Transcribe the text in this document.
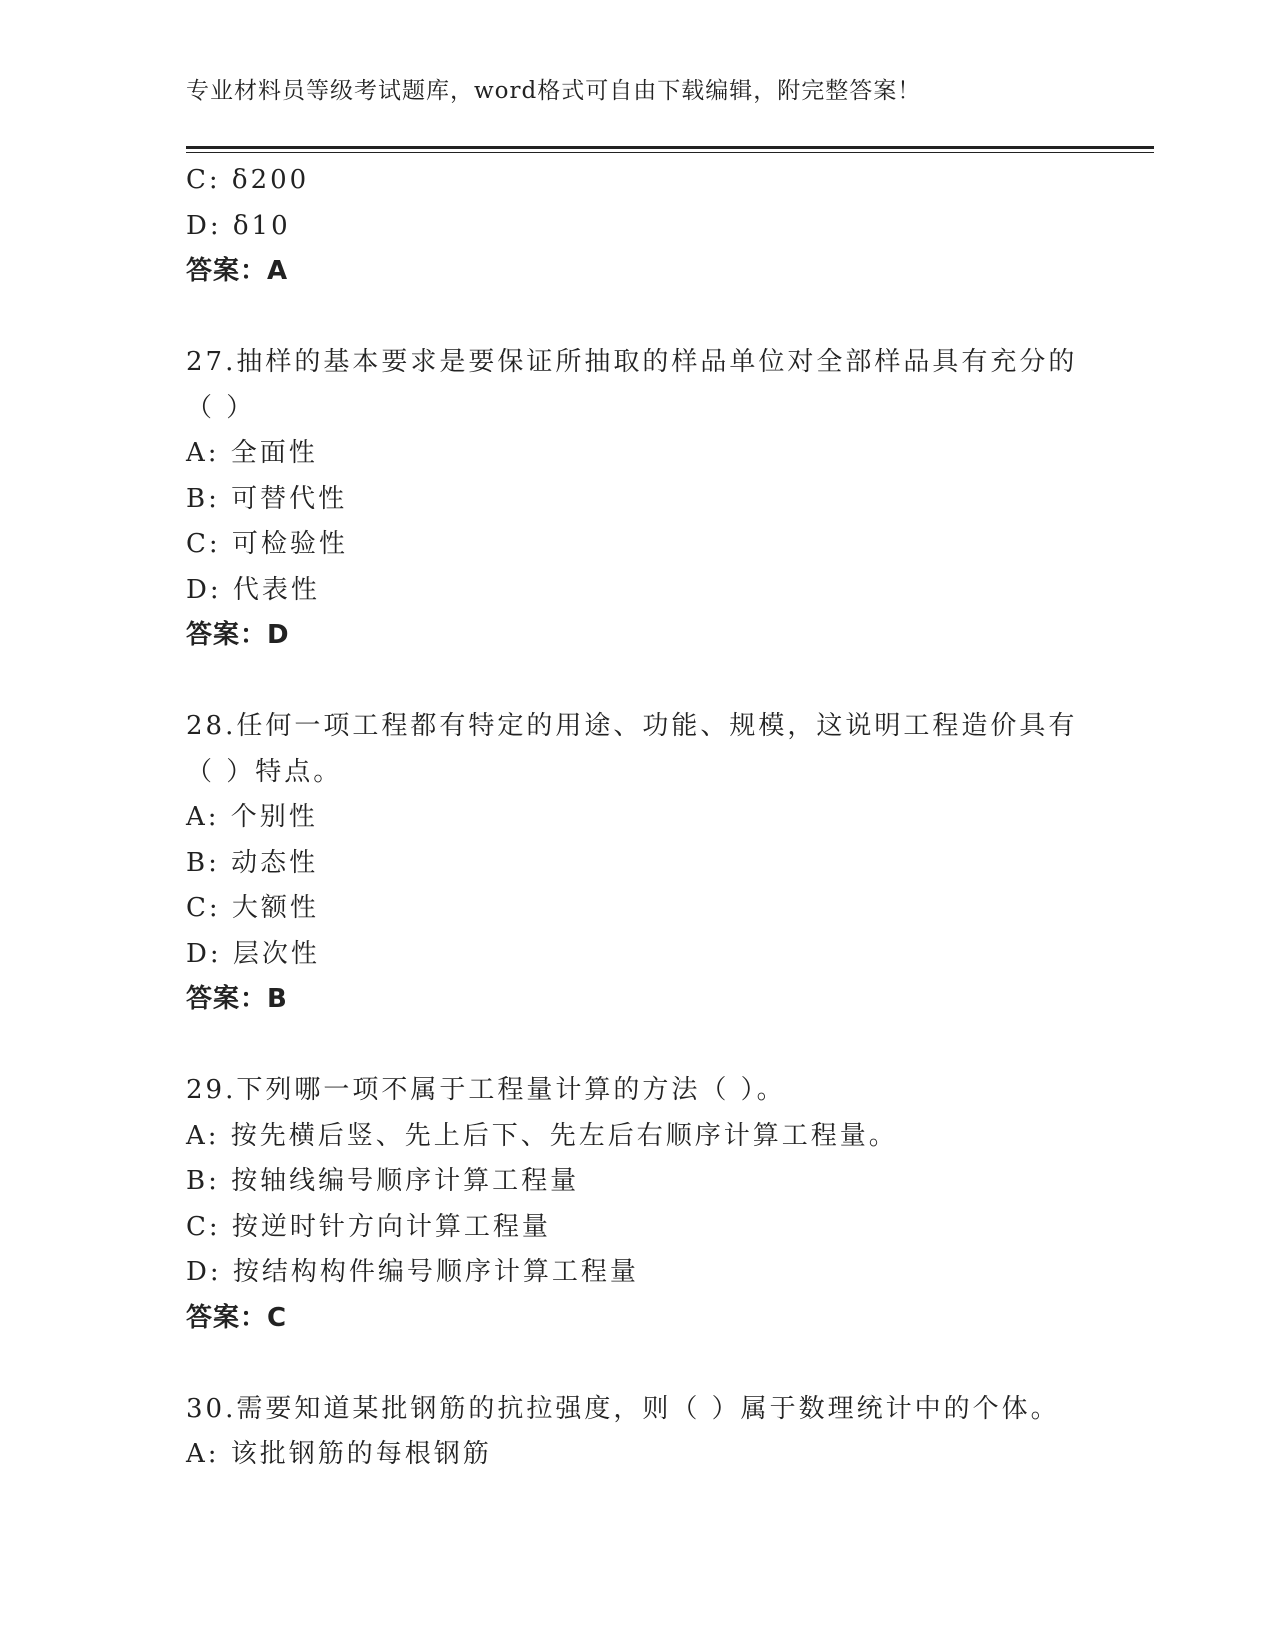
专业材料员等级考试题库，word格式可自由下载编辑，附完整答案！
C: δ200
D: δ10
答案：A
27.抽样的基本要求是要保证所抽取的样品单位对全部样品具有充分的
（ ）
A: 全面性
B: 可替代性
C: 可检验性
D: 代表性
答案：D
28.任何一项工程都有特定的用途、功能、规模，这说明工程造价具有
（ ）特点。
A: 个别性
B: 动态性
C: 大额性
D: 层次性
答案：B
29.下列哪一项不属于工程量计算的方法（ ）。
A: 按先横后竖、先上后下、先左后右顺序计算工程量。
B: 按轴线编号顺序计算工程量
C: 按逆时针方向计算工程量
D: 按结构构件编号顺序计算工程量
答案：C
30.需要知道某批钢筋的抗拉强度，则（ ）属于数理统计中的个体。
A: 该批钢筋的每根钢筋
